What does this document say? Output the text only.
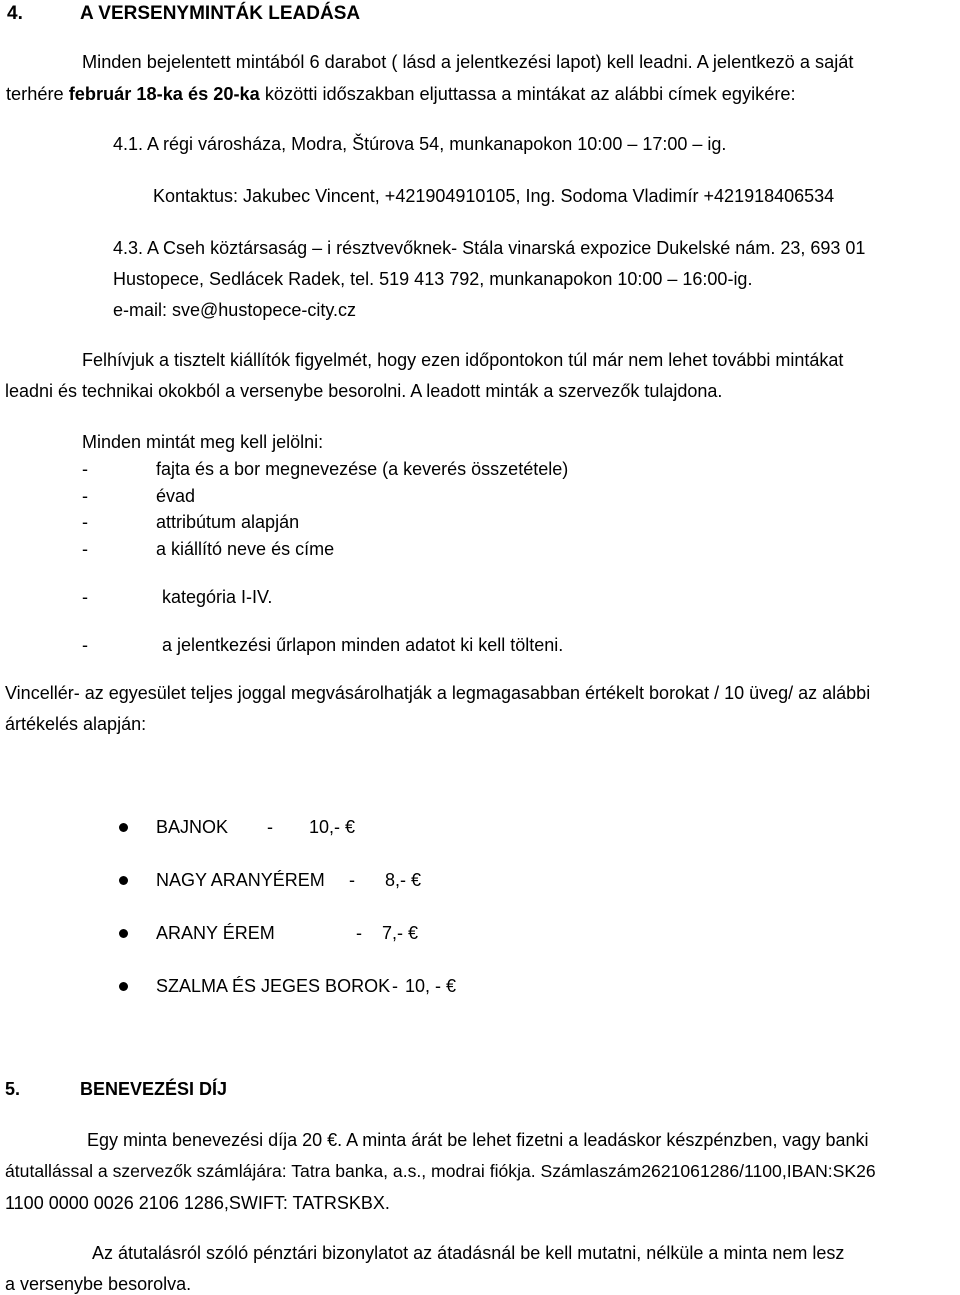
4.	A VERSENYMINTÁK LEADÁSA
Minden bejelentett mintából 6 darabot ( lásd a jelentkezési lapot) kell leadni. A jelentkezö a saját
terhére február 18-ka és 20-ka közötti időszakban eljuttassa a mintákat az alábbi címek egyikére:
4.1. A régi városháza, Modra, Štúrova 54, munkanapokon 10:00 – 17:00 – ig.
Kontaktus: Jakubec Vincent, +421904910105, Ing. Sodoma Vladimír +421918406534
4.3. A Cseh köztársaság – i résztvevőknek- Stála vinarská expozice Dukelské nám. 23, 693 01
Hustopece, Sedlácek Radek, tel. 519 413 792, munkanapokon 10:00 – 16:00-ig.
e-mail: sve@hustopece-city.cz
Felhívjuk a tisztelt kiállítók figyelmét, hogy ezen időpontokon túl már nem lehet további mintákat
leadni és technikai okokból a versenybe besorolni. A leadott minták a szervezők tulajdona.
Minden mintát meg kell jelölni:
-	fajta és a bor megnevezése (a keverés összetétele)
-	évad
-	attribútum alapján
-	a kiállító neve és címe
-	kategória I-IV.
-	a jelentkezési űrlapon minden adatot ki kell tölteni.
Vincellér- az egyesület teljes joggal megvásárolhatják a legmagasabban értékelt borokat / 10 üveg/ az alábbi
ártékelés alapján:
BAJNOK - 10,- €
NAGY ARANYÉREM - 8,- €
ARANY ÉREM	- 7,- €
SZALMA ÉS JEGES BOROK - 10, - €
5.	BENEVEZÉSI DÍJ
Egy minta benevezési díja 20 €. A minta árát be lehet fizetni a leadáskor készpénzben, vagy banki
átutallással a szervezők számlájára: Tatra banka, a.s., modrai fiókja. Számlaszám2621061286/1100,IBAN:SK26
1100 0000 0026 2106 1286,SWIFT: TATRSKBX.
Az átutalásról szóló pénztári bizonylatot az átadásnál be kell mutatni, nélküle a minta nem lesz
a versenybe besorolva.
